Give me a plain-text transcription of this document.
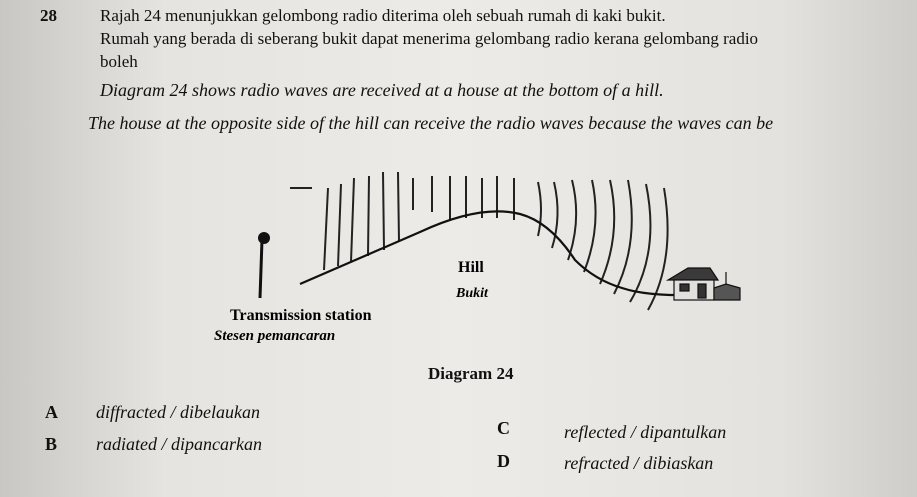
28	Rajah 24 menunjukkan gelombong radio diterima oleh sebuah rumah di kaki bukit.
Rumah yang berada di seberang bukit dapat menerima gelombang radio kerana gelombang radio
boleh
Diagram 24 shows radio waves are received at a house at the bottom of a hill.
The house at the opposite side of the hill can receive the radio waves because the waves can be
Hill
Bukit
Transmission station
Stesen pemancaran
Diagram 24
A diffracted / dibelaukan
B radiated / dipancarkan
C	reflected / dipantulkan
D	refracted / dibiaskan
